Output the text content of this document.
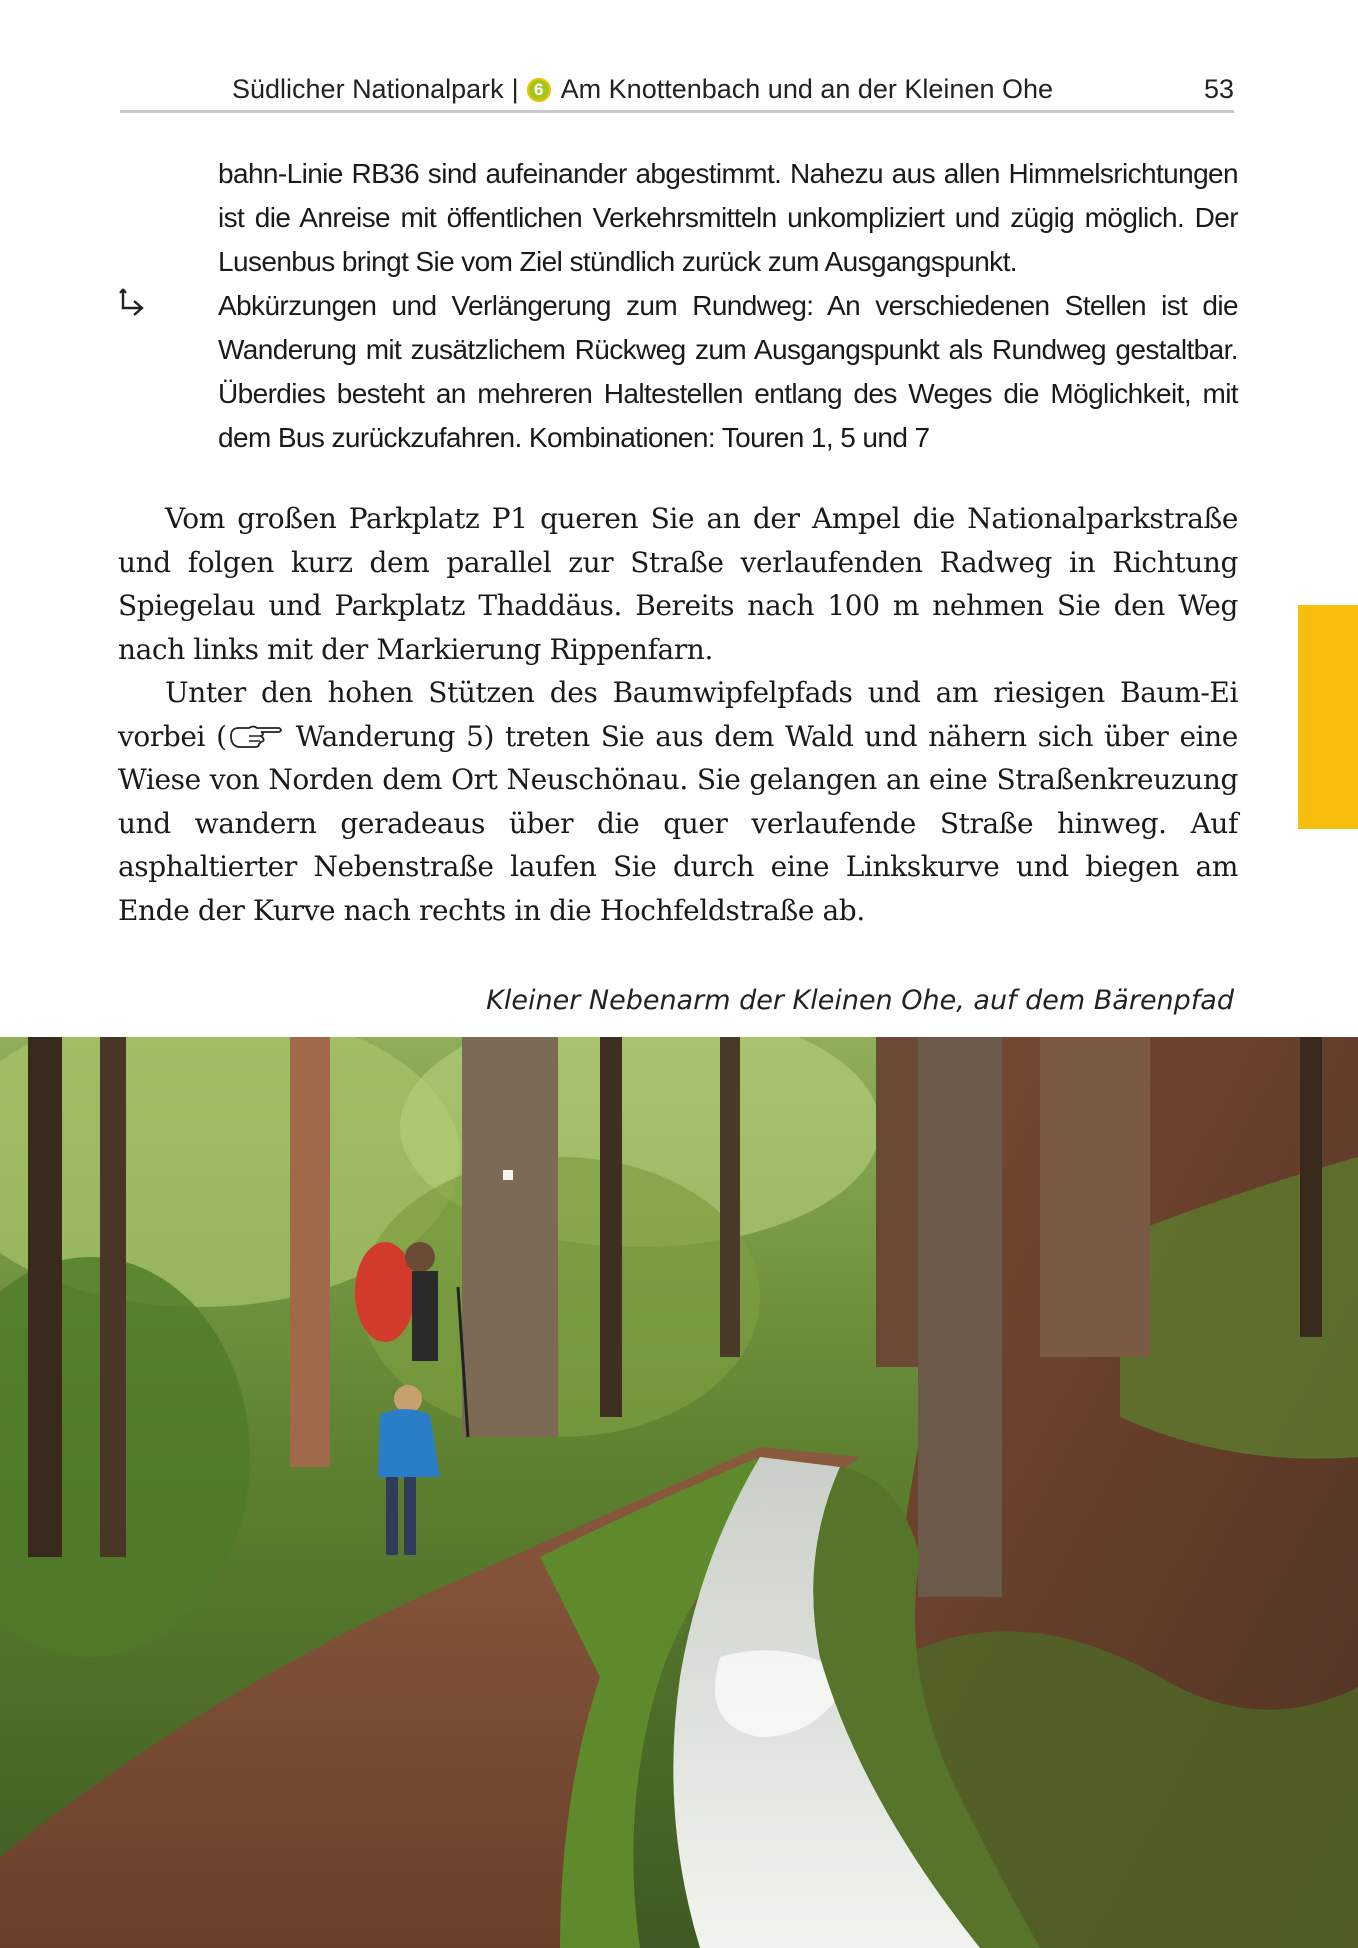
Südlicher Nationalpark | 6 Am Knottenbach und an der Kleinen Ohe	53

bahn-Linie RB36 sind aufeinander abgestimmt. Nahezu aus allen Himmelsrichtungen ist die Anreise mit öffentlichen Verkehrsmitteln unkompliziert und zügig möglich. Der Lusenbus bringt Sie vom Ziel stündlich zurück zum Ausgangspunkt.

Abkürzungen und Verlängerung zum Rundweg: An verschiedenen Stellen ist die Wanderung mit zusätzlichem Rückweg zum Ausgangspunkt als Rundweg gestaltbar. Überdies besteht an mehreren Haltestellen entlang des Weges die Möglichkeit, mit dem Bus zurückzufahren. Kombinationen: Touren 1, 5 und 7

Vom großen Parkplatz P1 queren Sie an der Ampel die Nationalparkstraße und folgen kurz dem parallel zur Straße verlaufenden Radweg in Richtung Spiegelau und Parkplatz Thaddäus. Bereits nach 100 m nehmen Sie den Weg nach links mit der Markierung Rippenfarn.

Unter den hohen Stützen des Baumwipfelpfads und am riesigen Baum-Ei vorbei ( Wanderung 5) treten Sie aus dem Wald und nähern sich über eine Wiese von Norden dem Ort Neuschönau. Sie gelangen an eine Straßenkreuzung und wandern geradeaus über die quer verlaufende Straße hinweg. Auf asphaltierter Nebenstraße laufen Sie durch eine Linkskurve und biegen am Ende der Kurve nach rechts in die Hochfeldstraße ab.

Kleiner Nebenarm der Kleinen Ohe, auf dem Bärenpfad
